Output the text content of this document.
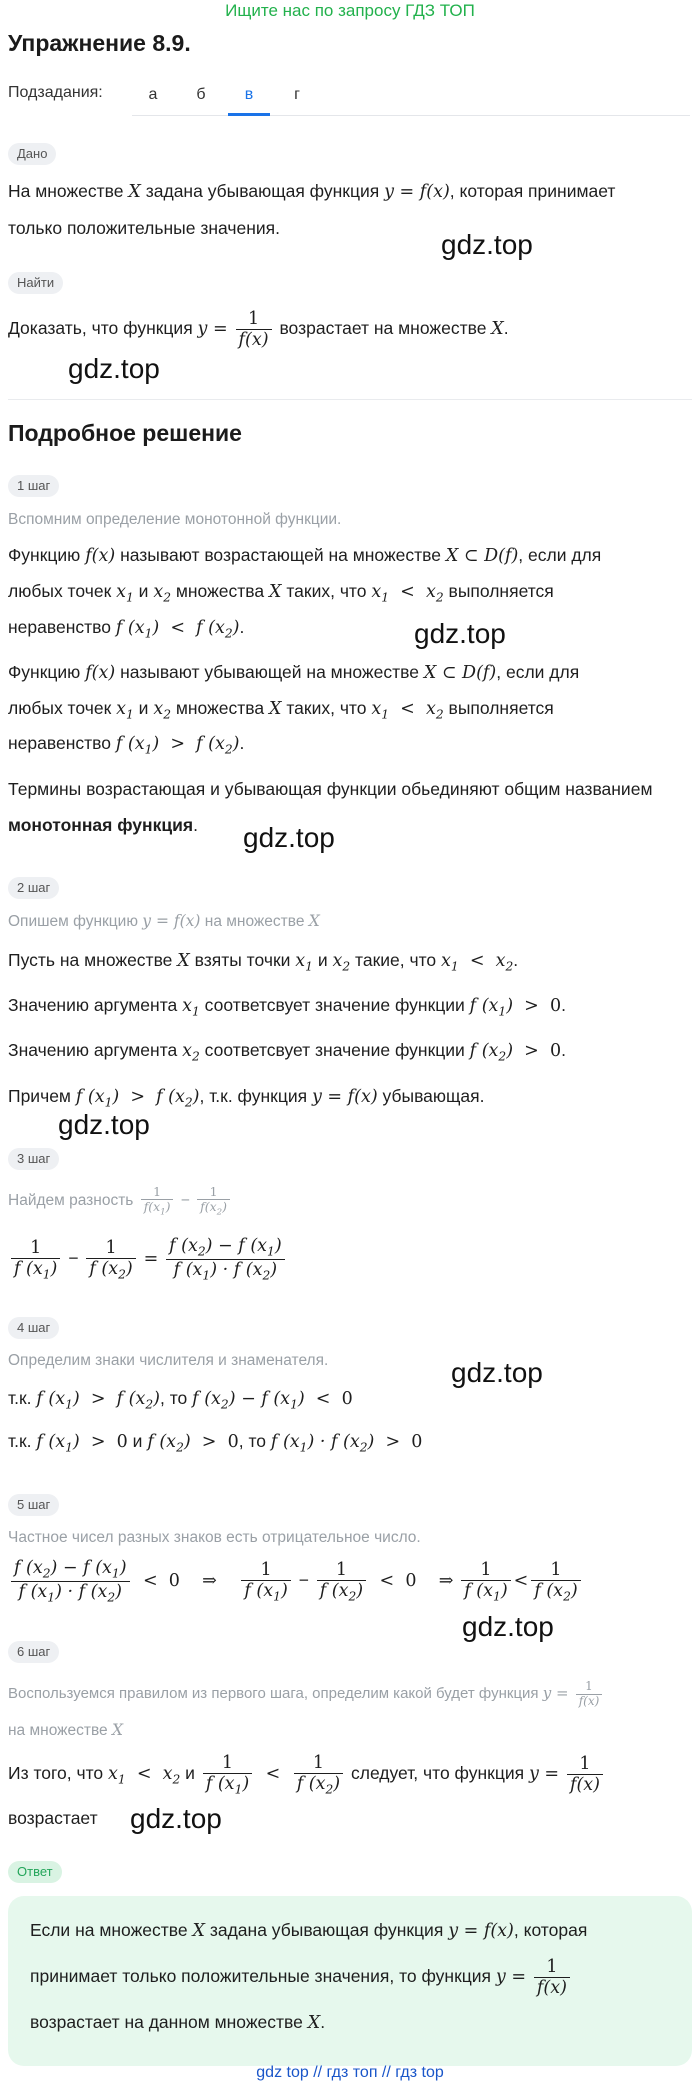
Ищите нас по запросу ГДЗ ТОП
Упражнение 8.9.
Подзадания:	а	б	в	г
Дано
На множестве X задана убывающая функция y = f(x), которая принимает
только положительные значения.
gdz.top
Найти
Доказать, что функция $y = \frac{1}{f(x)}$ возрастает на множестве X.
gdz.top
Подробное решение
1 шаг
Вспомним определение монотонной функции.
Функцию f(x) называют возрастающей на множестве X ⊂ D(f), если для
любых точек $x_1$ и $x_2$ множества X таких, что $x_1 < x_2$ выполняется
неравенство f $(x_1) < f$ $(x_2)$.	gdz.top
Функцию f(x) называют убывающей на множестве X ⊂ D(f), если для
любых точек $x_1$ и $x_2$ множества X таких, что $x_1 < x_2$ выполняется
неравенство f $(x_1) > f$ $(x_2)$.
Термины возрастающая и убывающая функции обьединяют общим названием
монотонная функция. gdz.top
2 шаг
Опишем функцию y = f(x) на множестве X
Пусть на множестве X взяты точки $x_1$ и $x_2$ такие, что $x_1 < x_2$.
Значению аргумента $x_1$ соответсвует значение функции f $(x_1) > 0$.
Значению аргумента $x_2$ соответсвует значение функции f $(x_2) > 0$.
Причем f $(x_1) > f$ $(x_2)$, т.к. функция y = f(x) убывающая.
gdz.top
3 шаг
Найдем разность $\frac{1}{f(x_1)} - \frac{1}{f(x_2)}$
$\frac{1}{f (x_1)} - \frac{1}{f (x_2)} = \frac{f (x_2) - f (x_1)}{f (x_1) \cdot f (x_2)}$
4 шаг
Определим знаки числителя и знаменателя.	gdz.top
т.к. f $(x_1) > f$ $(x_2)$, то f $(x_2) - f$ $(x_1) < 0$
т.к. f $(x_1) > 0$ и f $(x_2) > 0$, то f $(x_1) \cdot f$ $(x_2) > 0$
5 шаг
Частное чисел разных знаков есть отрицательное число.
$\frac{f (x_2) - f (x_1)}{f (x_1) \cdot f (x_2)} < 0$    ⇒ $\frac{1}{f (x_1)} - \frac{1}{f (x_2)} < 0$    ⇒ $\frac{1}{f (x_1)} < \frac{1}{f (x_2)}$
gdz.top
6 шаг
Воспользуемся правилом из первого шага, определим какой будет функция $y = \frac{1}{f(x)}$
на множестве X
Из того, что $x_1 < x_2$ и $\frac{1}{f (x_1)} < \frac{1}{f (x_2)}$ следует, что функция $y = \frac{1}{f(x)}$
возрастает gdz.top
Ответ
Если на множестве X задана убывающая функция y = f(x), которая
принимает только положительные значения, то функция $y = \frac{1}{f(x)}$
возрастает на данном множестве X.
gdz top // гдз топ // гдз top
